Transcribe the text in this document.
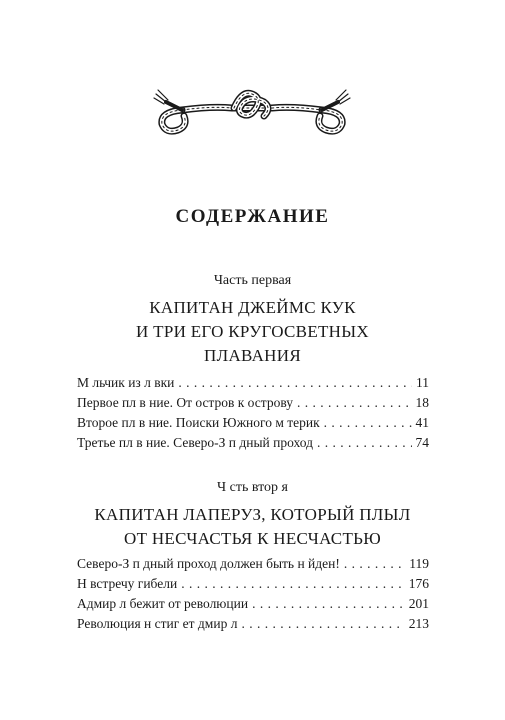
СОДЕРЖАНИЕ
Часть первая
КАПИТАН ДЖЕЙМС КУК
И ТРИ ЕГО КРУГОСВЕТНЫХ
ПЛАВАНИЯ
М льчик из л вки . . .	11
Первое пл в ние. От остров к острову . . .	18
Второе пл в ние. Поиски Южного м терик . . .	41
Третье пл в ние. Северо-З п дный проход . . .	74
Ч сть втор я
КАПИТАН ЛАПЕРУЗ, КОТОРЫЙ ПЛЫЛ
ОТ НЕСЧАСТЬЯ К НЕСЧАСТЬЮ
Северо-З п дный проход должен быть н йден! . . .	119
Н встречу гибели . . .	176
Адмир л бежит от революции . . .	201
Революция н стиг ет дмир л . . .	213
